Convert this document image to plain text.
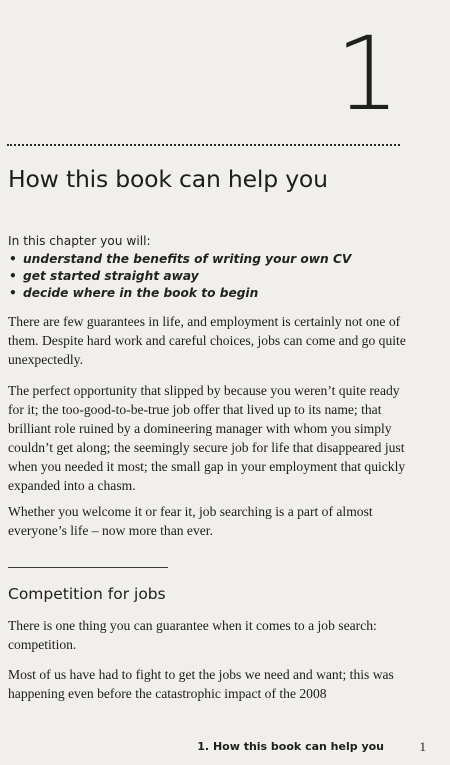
1
How this book can help you
In this chapter you will:
• understand the benefits of writing your own CV
• get started straight away
• decide where in the book to begin

There are few guarantees in life, and employment is certainly not one of them. Despite hard work and careful choices, jobs can come and go quite unexpectedly.

The perfect opportunity that slipped by because you weren’t quite ready for it; the too-good-to-be-true job offer that lived up to its name; that brilliant role ruined by a domineering manager with whom you simply couldn’t get along; the seemingly secure job for life that disappeared just when you needed it most; the small gap in your employment that quickly expanded into a chasm.

Whether you welcome it or fear it, job searching is a part of almost everyone’s life – now more than ever.

Competition for jobs

There is one thing you can guarantee when it comes to a job search: competition.

Most of us have had to fight to get the jobs we need and want; this was happening even before the catastrophic impact of the 2008

1. How this book can help you	1
